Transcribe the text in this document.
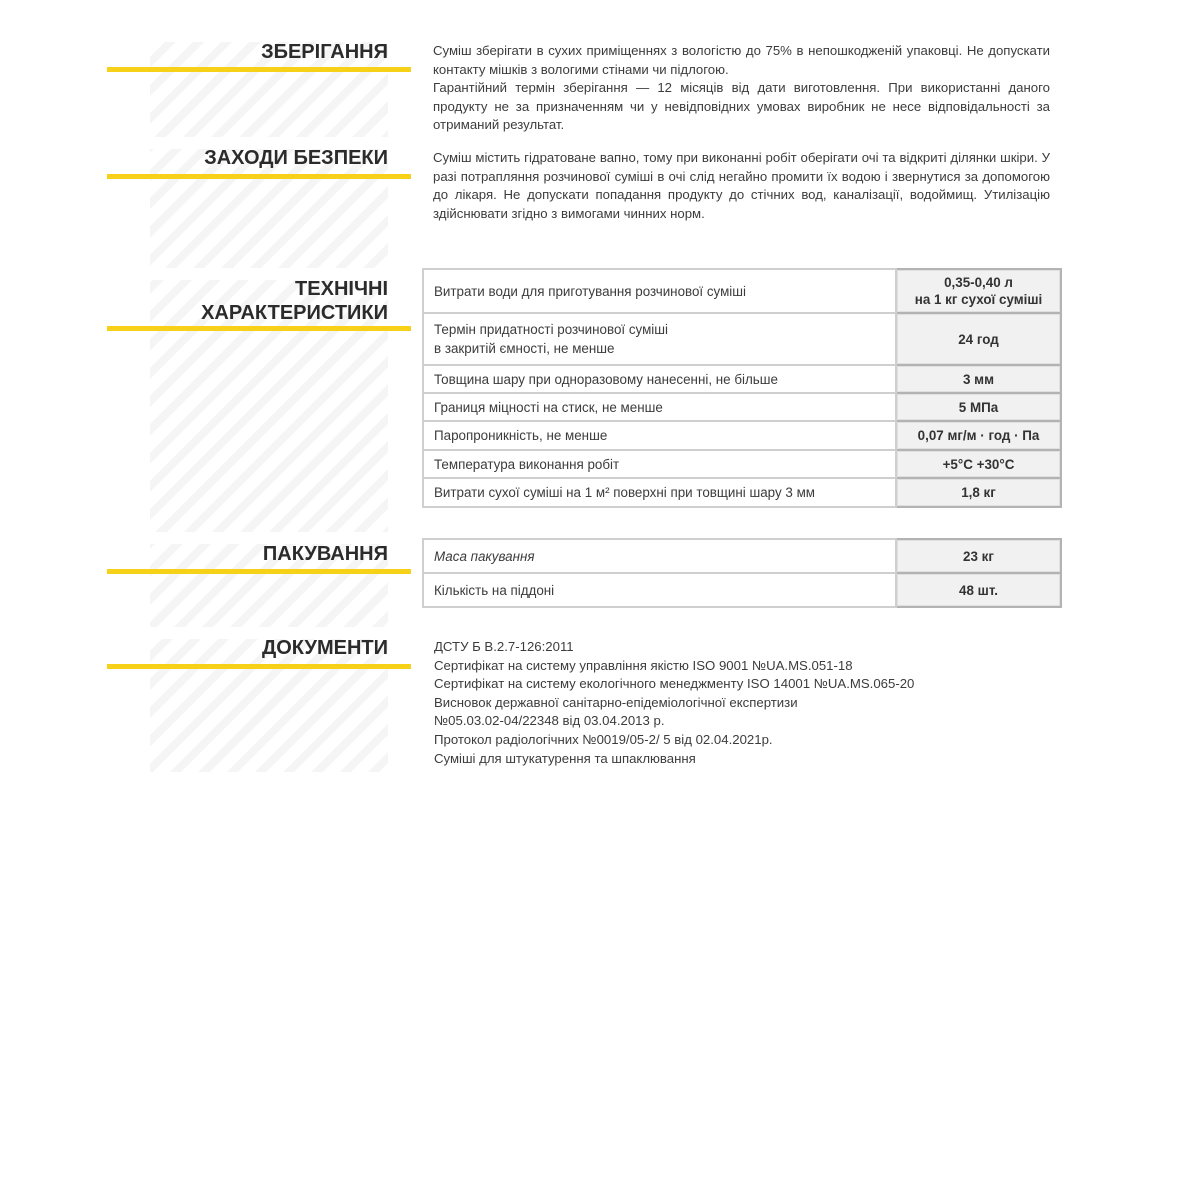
ЗБЕРІГАННЯ	Суміш зберігати в сухих приміщеннях з вологістю до 75% в непошкодженій упаковці. Не допускати контакту мішків з вологими стінами чи підлогою.
Гарантійний термін зберігання — 12 місяців від дати виготовлення. При використанні даного продукту не за призначенням чи у невідповідних умовах виробник не несе відповідальності за отриманий результат.
ЗАХОДИ БЕЗПЕКИ	Суміш містить гідратоване вапно, тому при виконанні робіт оберігати очі та відкриті ділянки шкіри. У разі потрапляння розчинової суміші в очі слід негайно промити їх водою і звернутися за допомогою до лікаря. Не допускати попадання продукту до стічних вод, каналізації, водоймищ. Утилізацію здійснювати згідно з вимогами чинних норм.
ТЕХНІЧНІ
ХАРАКТЕРИСТИКИ
Витрати води для приготування розчинової суміші	0,35-0,40 л
на 1 кг сухої суміші

Термін придатності розчинової суміші
в закритій ємності, не менше	24 год
Товщина шару при одноразовому нанесенні, не більше	3 мм
Границя міцності на стиск, не менше	5 МПа
Паропроникність, не менше	0,07 мг/м · год · Па
Температура виконання робіт	+5°С +30°С
Витрати сухої суміші на 1 м² поверхні при товщині шару 3 мм	1,8 кг
ПАКУВАННЯ	Маса пакування	23 кг
Кількість на піддоні	48 шт.
ДОКУМЕНТИ	ДСТУ Б В.2.7-126:2011
Сертифікат на систему управління якістю ISO 9001 №UA.MS.051-18
Сертифікат на систему екологічного менеджменту ISO 14001 №UA.MS.065-20
Висновок державної санітарно-епідеміологічної експертизи
№05.03.02-04/22348 від 03.04.2013 р.
Протокол радіологічних №0019/05-2/ 5 від 02.04.2021р.
Суміші для штукатурення та шпаклювання
